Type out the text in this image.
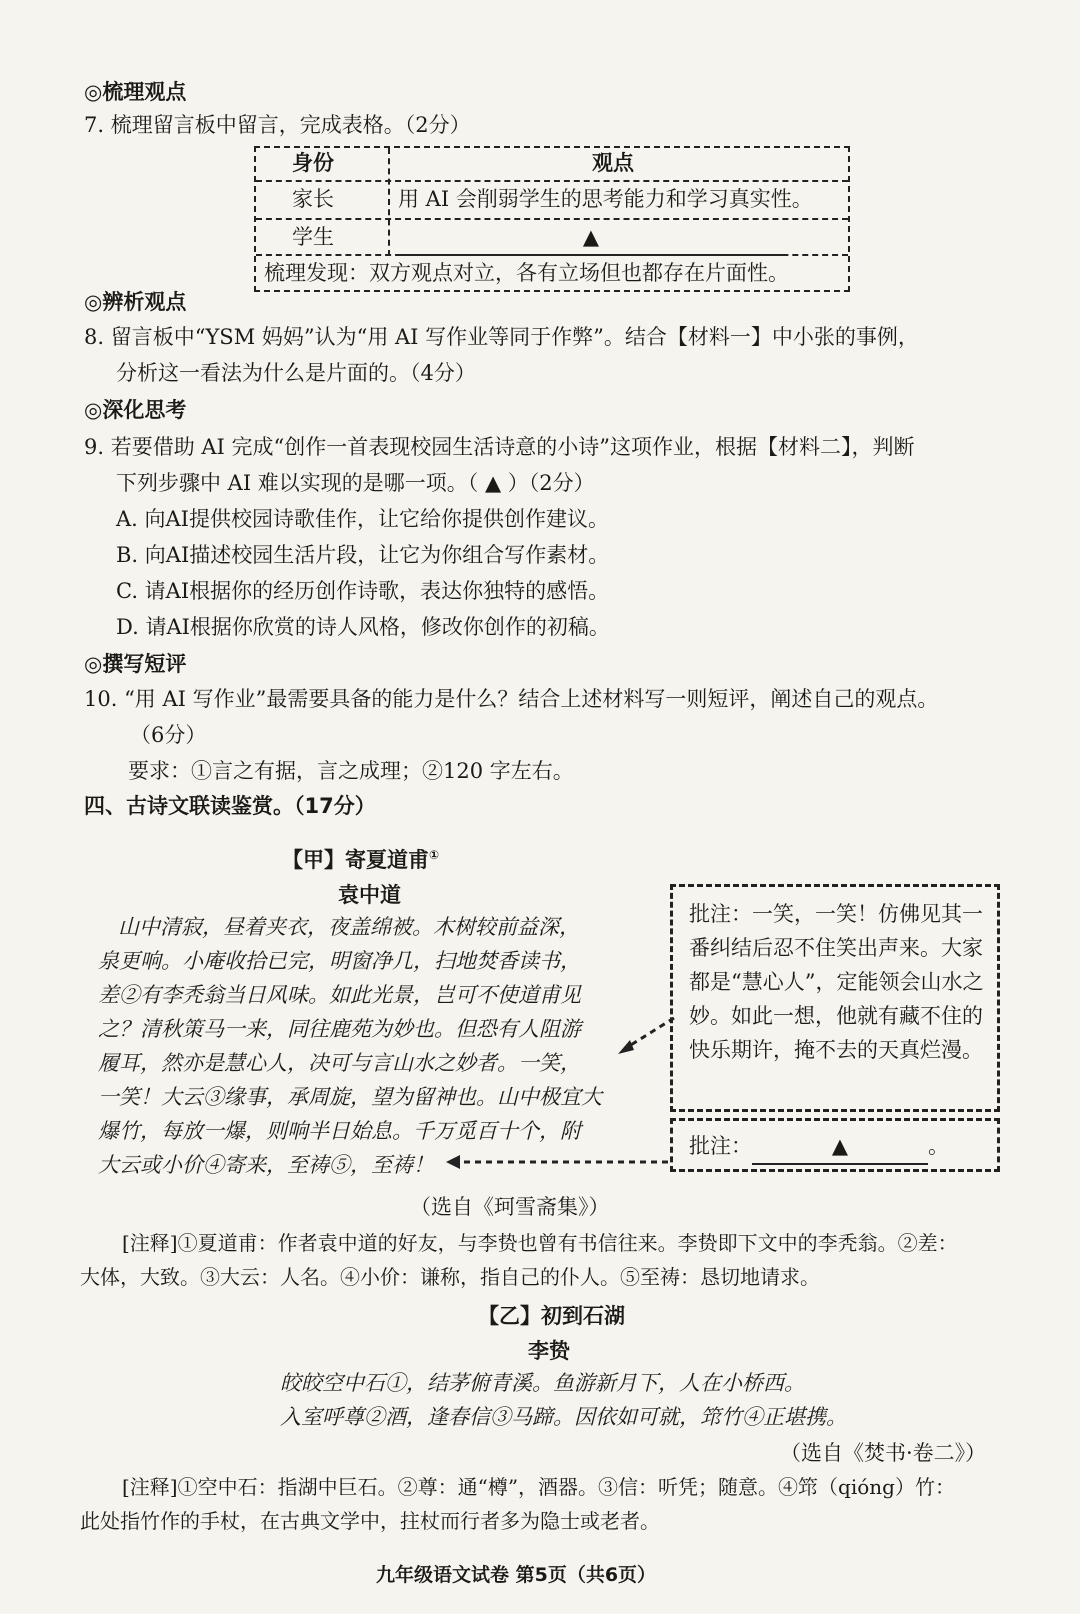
◎梳理观点
7. 梳理留言板中留言，完成表格。（2分）
身份	观点
家长	用 AI 会削弱学生的思考能力和学习真实性。
学生	▲
梳理发现：双方观点对立，各有立场但也都存在片面性。
◎辨析观点
8. 留言板中“YSM 妈妈”认为“用 AI 写作业等同于作弊”。结合【材料一】中小张的事例，
分析这一看法为什么是片面的。（4分）
◎深化思考
9. 若要借助 AI 完成“创作一首表现校园生活诗意的小诗”这项作业，根据【材料二】，判断
下列步骤中 AI 难以实现的是哪一项。（ ▲ ）（2分）
A. 向AI提供校园诗歌佳作，让它给你提供创作建议。
B. 向AI描述校园生活片段，让它为你组合写作素材。
C. 请AI根据你的经历创作诗歌，表达你独特的感悟。
D. 请AI根据你欣赏的诗人风格，修改你创作的初稿。
◎撰写短评
10. “用 AI 写作业”最需要具备的能力是什么？结合上述材料写一则短评，阐述自己的观点。
（6分）
要求：①言之有据，言之成理；②120 字左右。
四、古诗文联读鉴赏。（17分）
【甲】寄夏道甫①
袁中道
山中清寂，昼着夹衣，夜盖绵被。木树较前益深，
泉更响。小庵收拾已完，明窗净几，扫地焚香读书，
差②有李秃翁当日风味。如此光景，岂可不使道甫见
之？清秋策马一来，同往鹿苑为妙也。但恐有人阻游
履耳，然亦是慧心人，决可与言山水之妙者。一笑，
一笑！大云③缘事，承周旋，望为留神也。山中极宜大
爆竹，每放一爆，则响半日始息。千万觅百十个，附
大云或小价④寄来，至祷⑤，至祷！
（选自《珂雪斋集》）
批注：一笑，一笑！仿佛见其一番纠结后忍不住笑出声来。大家都是“慧心人”，定能领会山水之妙。如此一想，他就有藏不住的快乐期许，掩不去的天真烂漫。
批注：	▲	。
[注释]①夏道甫：作者袁中道的好友，与李贽也曾有书信往来。李贽即下文中的李秃翁。②差：
大体，大致。③大云：人名。④小价：谦称，指自己的仆人。⑤至祷：恳切地请求。
【乙】初到石湖
李贽
皎皎空中石①，结茅俯青溪。鱼游新月下，人在小桥西。
入室呼尊②酒，逢春信③马蹄。因依如可就，筇竹④正堪携。
（选自《焚书·卷二》）
[注释]①空中石：指湖中巨石。②尊：通“樽”，酒器。③信：听凭；随意。④筇（qióng）竹：
此处指竹作的手杖，在古典文学中，拄杖而行者多为隐士或老者。
九年级语文试卷 第5页（共6页）
